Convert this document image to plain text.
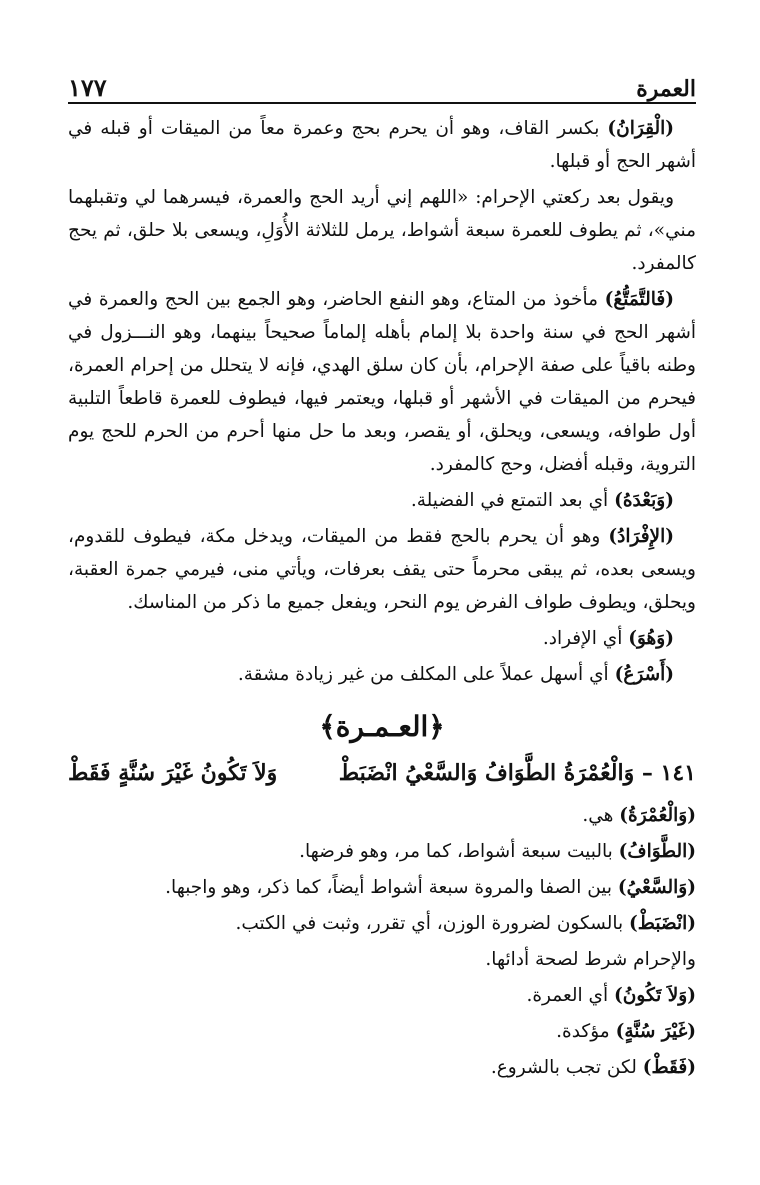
العمرة
١٧٧

(الْقِرَانُ) بكسر القاف، وهو أن يحرم بحج وعمرة معاً من الميقات أو قبله في أشهر الحج أو قبلها.

ويقول بعد ركعتي الإحرام: «اللهم إني أريد الحج والعمرة، فيسرهما لي وتقبلهما مني»، ثم يطوف للعمرة سبعة أشواط، يرمل للثلاثة الأُوَلِ، ويسعى بلا حلق، ثم يحج كالمفرد.

(فَالتَّمَتُّعُ) مأخوذ من المتاع، وهو النفع الحاضر، وهو الجمع بين الحج والعمرة في أشهر الحج في سنة واحدة بلا إلمام بأهله إلماماً صحيحاً بينهما، وهو النـــزول في وطنه باقياً على صفة الإحرام، بأن كان سلق الهدي، فإنه لا يتحلل من إحرام العمرة، فيحرم من الميقات في الأشهر أو قبلها، ويعتمر فيها، فيطوف للعمرة قاطعاً التلبية أول طوافه، ويسعى، ويحلق، أو يقصر، وبعد ما حل منها أحرم من الحرم للحج يوم التروية، وقبله أفضل، وحج كالمفرد.

(وَبَعْدَهُ) أي بعد التمتع في الفضيلة.

(الإِفْرَادُ) وهو أن يحرم بالحج فقط من الميقات، ويدخل مكة، فيطوف للقدوم، ويسعى بعده، ثم يبقى محرماً حتى يقف بعرفات، ويأتي منى، فيرمي جمرة العقبة، ويحلق، ويطوف طواف الفرض يوم النحر، ويفعل جميع ما ذكر من المناسك.

(وَهُوَ) أي الإفراد.

(أَسْرَعُ) أي أسهل عملاً على المكلف من غير زيادة مشقة.

﴿العـمـرة﴾
١٤١ – وَالْعُمْرَةُ الطَّوَافُ وَالسَّعْيُ انْضَبَطْ
وَلاَ تَكُونُ غَيْرَ سُنَّةٍ فَقَطْ

(وَالْعُمْرَةُ) هي.

(الطَّوَافُ) بالبيت سبعة أشواط، كما مر، وهو فرضها.

(وَالسَّعْيُ) بين الصفا والمروة سبعة أشواط أيضاً، كما ذكر، وهو واجبها.

(انْضَبَطْ) بالسكون لضرورة الوزن، أي تقرر، وثبت في الكتب.

والإحرام شرط لصحة أدائها.

(وَلاَ تَكُونُ) أي العمرة.

(غَيْرَ سُنَّةٍ) مؤكدة.

(فَقَطْ) لكن تجب بالشروع.
